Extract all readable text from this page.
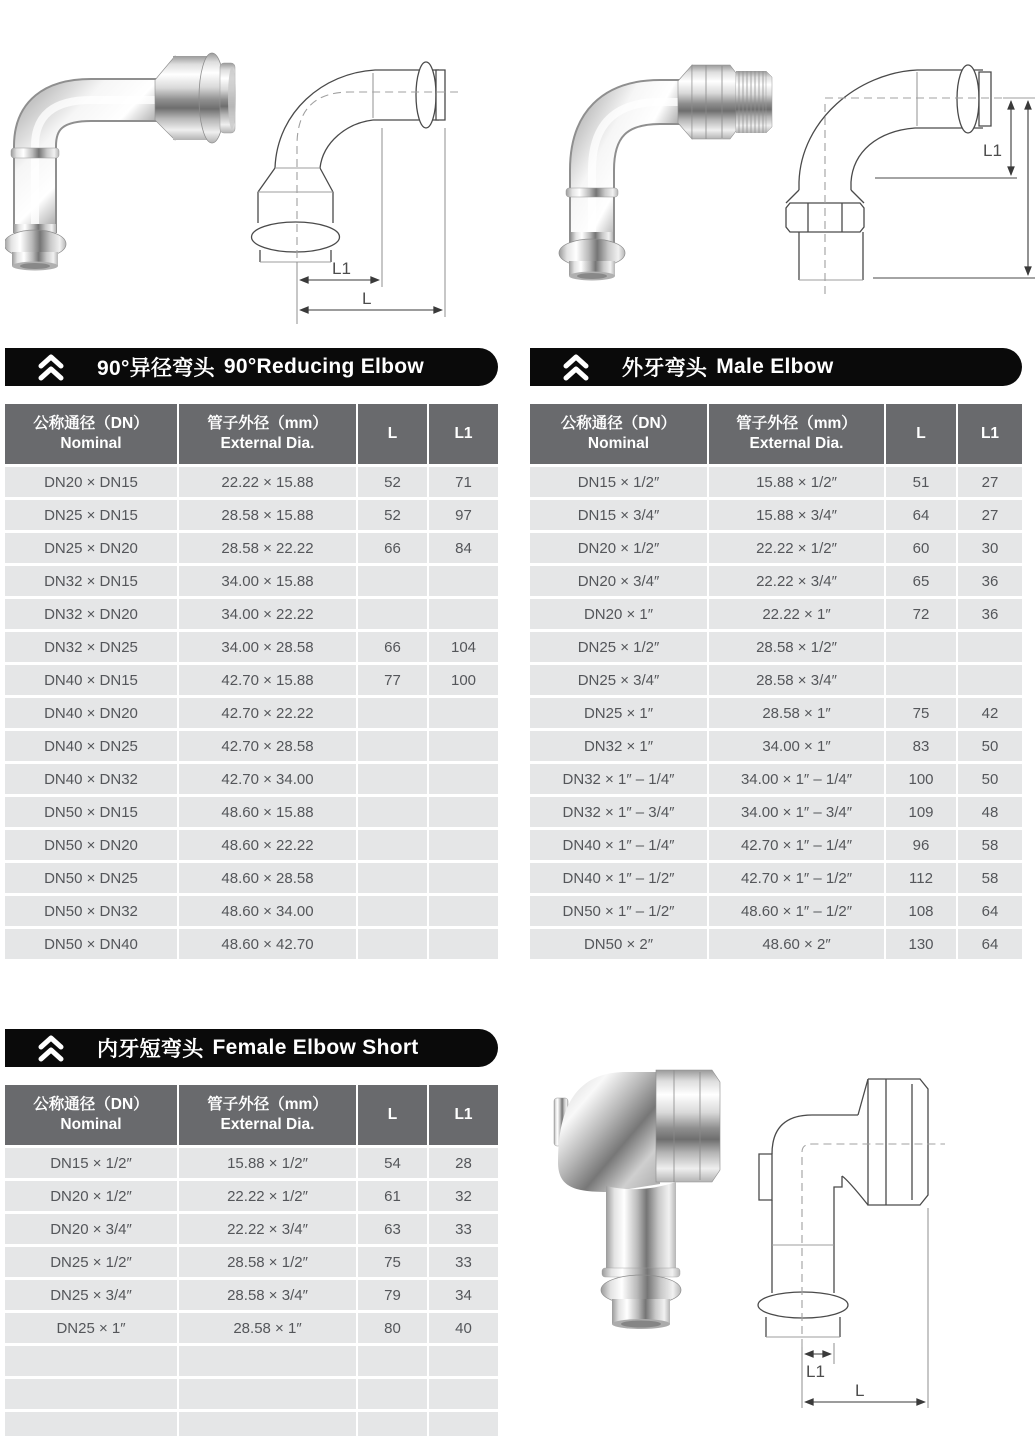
L1
L
L1
90°异径弯头 90°Reducing Elbow	外牙弯头 Male Elbow
公称通径（DN）
Nominal

管子外径（mm）
External Dia.
	L	L1
DN20 × DN15	22.22 × 15.88	52	71
DN25 × DN15	28.58 × 15.88	52	97
DN25 × DN20	28.58 × 22.22	66	84
DN32 × DN15	34.00 × 15.88		
DN32 × DN20	34.00 × 22.22		
DN32 × DN25	34.00 × 28.58	66	104
DN40 × DN15	42.70 × 15.88	77	100
DN40 × DN20	42.70 × 22.22		
DN40 × DN25	42.70 × 28.58		
DN40 × DN32	42.70 × 34.00		
DN50 × DN15	48.60 × 15.88		
DN50 × DN20	48.60 × 22.22		
DN50 × DN25	48.60 × 28.58		
DN50 × DN32	48.60 × 34.00		
DN50 × DN40	48.60 × 42.70		
公称通径（DN）
Nominal

管子外径（mm）
External Dia.
	L	L1
DN15 × 1/2″	15.88 × 1/2″	51	27
DN15 × 3/4″	15.88 × 3/4″	64	27
DN20 × 1/2″	22.22 × 1/2″	60	30
DN20 × 3/4″	22.22 × 3/4″	65	36
DN20 × 1″	22.22 × 1″	72	36
DN25 × 1/2″	28.58 × 1/2″		
DN25 × 3/4″	28.58 × 3/4″		
DN25 × 1″	28.58 × 1″	75	42
DN32 × 1″	34.00 × 1″	83	50
DN32 × 1″ – 1/4″	34.00 × 1″ – 1/4″	100	50
DN32 × 1″ – 3/4″	34.00 × 1″ – 3/4″	109	48
DN40 × 1″ – 1/4″	42.70 × 1″ – 1/4″	96	58
DN40 × 1″ – 1/2″	42.70 × 1″ – 1/2″	112	58
DN50 × 1″ – 1/2″	48.60 × 1″ – 1/2″	108	64
DN50 × 2″	48.60 × 2″	130	64
内牙短弯头 Female Elbow Short
公称通径（DN）
Nominal

管子外径（mm）
External Dia.
	L	L1
DN15 × 1/2″	15.88 × 1/2″	54	28
DN20 × 1/2″	22.22 × 1/2″	61	32
DN20 × 3/4″	22.22 × 3/4″	63	33
DN25 × 1/2″	28.58 × 1/2″	75	33
DN25 × 3/4″	28.58 × 3/4″	79	34
DN25 × 1″	28.58 × 1″	80	40

L1
L
